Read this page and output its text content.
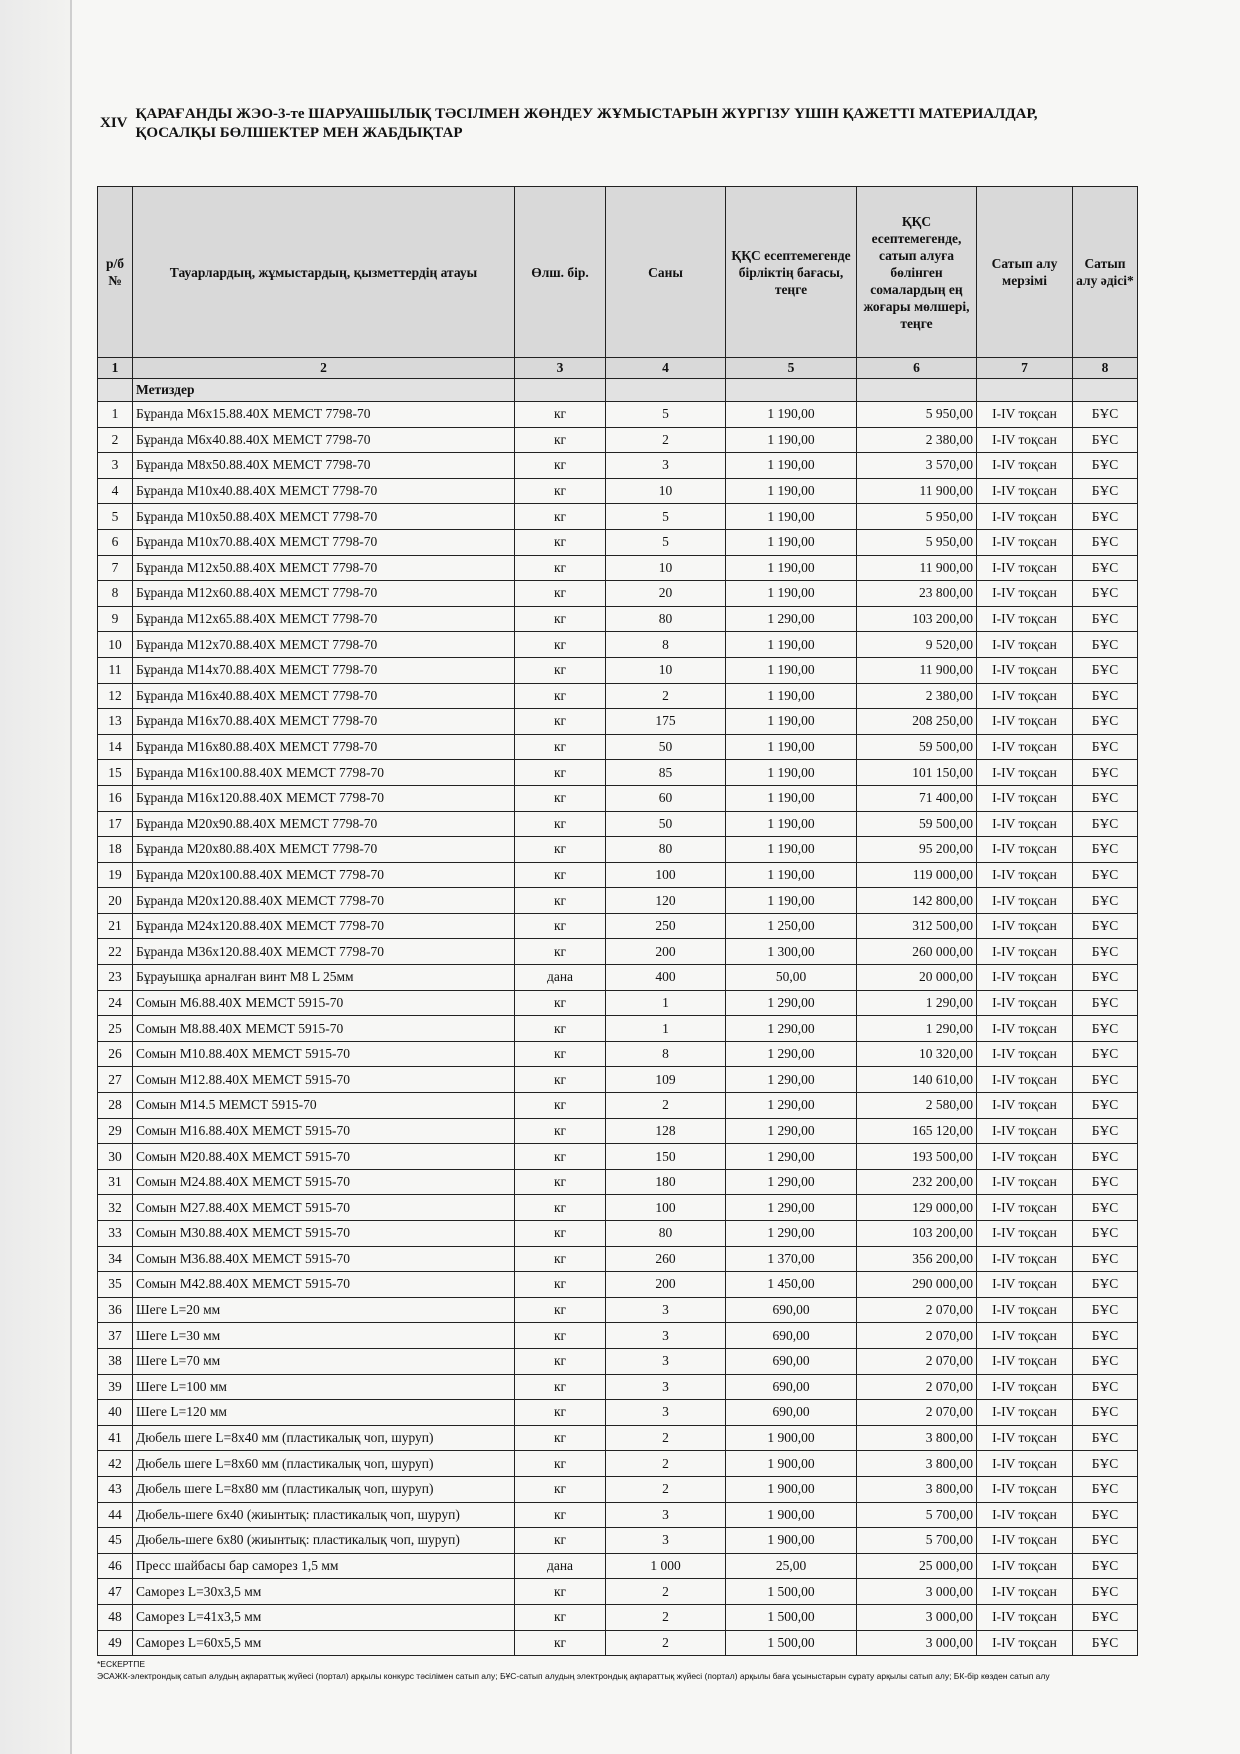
XIV
ҚАРАҒАНДЫ ЖЭО-3-те ШАРУАШЫЛЫҚ ТӘСІЛМЕН ЖӨНДЕУ ЖҰМЫСТАРЫН ЖҮРГІЗУ ҮШІН ҚАЖЕТТІ МАТЕРИАЛДАР,
ҚОСАЛҚЫ БӨЛШЕКТЕР МЕН ЖАБДЫҚТАР
р/б №	Тауарлардың, жұмыстардың, қызметтердің атауы	Өлш. бір.	Саны	ҚҚС есептемегенде бірліктің бағасы, теңге	ҚҚС есептемегенде, сатып алуға бөлінген сомалардың ең жоғары мөлшері, теңге	Сатып алу мерзімі	Сатып алу әдісі*
1	2	3	4	5	6	7	8
	Метиздер						
1	Бұранда М6х15.88.40Х МЕМСТ 7798-70	кг	5	1 190,00	5 950,00	I-IV тоқсан	БҰС
2	Бұранда М6х40.88.40Х МЕМСТ 7798-70	кг	2	1 190,00	2 380,00	I-IV тоқсан	БҰС
3	Бұранда М8х50.88.40Х МЕМСТ 7798-70	кг	3	1 190,00	3 570,00	I-IV тоқсан	БҰС
4	Бұранда М10х40.88.40Х МЕМСТ 7798-70	кг	10	1 190,00	11 900,00	I-IV тоқсан	БҰС
5	Бұранда М10х50.88.40Х МЕМСТ 7798-70	кг	5	1 190,00	5 950,00	I-IV тоқсан	БҰС
6	Бұранда М10х70.88.40Х МЕМСТ 7798-70	кг	5	1 190,00	5 950,00	I-IV тоқсан	БҰС
7	Бұранда М12х50.88.40Х МЕМСТ 7798-70	кг	10	1 190,00	11 900,00	I-IV тоқсан	БҰС
8	Бұранда М12х60.88.40Х МЕМСТ 7798-70	кг	20	1 190,00	23 800,00	I-IV тоқсан	БҰС
9	Бұранда М12х65.88.40Х МЕМСТ 7798-70	кг	80	1 290,00	103 200,00	I-IV тоқсан	БҰС
10	Бұранда М12х70.88.40Х МЕМСТ 7798-70	кг	8	1 190,00	9 520,00	I-IV тоқсан	БҰС
11	Бұранда М14х70.88.40Х МЕМСТ 7798-70	кг	10	1 190,00	11 900,00	I-IV тоқсан	БҰС
12	Бұранда М16х40.88.40Х МЕМСТ 7798-70	кг	2	1 190,00	2 380,00	I-IV тоқсан	БҰС
13	Бұранда М16х70.88.40Х МЕМСТ 7798-70	кг	175	1 190,00	208 250,00	I-IV тоқсан	БҰС
14	Бұранда М16х80.88.40Х МЕМСТ 7798-70	кг	50	1 190,00	59 500,00	I-IV тоқсан	БҰС
15	Бұранда М16х100.88.40Х МЕМСТ 7798-70	кг	85	1 190,00	101 150,00	I-IV тоқсан	БҰС
16	Бұранда М16х120.88.40Х МЕМСТ 7798-70	кг	60	1 190,00	71 400,00	I-IV тоқсан	БҰС
17	Бұранда М20х90.88.40Х МЕМСТ 7798-70	кг	50	1 190,00	59 500,00	I-IV тоқсан	БҰС
18	Бұранда М20х80.88.40Х МЕМСТ 7798-70	кг	80	1 190,00	95 200,00	I-IV тоқсан	БҰС
19	Бұранда М20х100.88.40Х МЕМСТ 7798-70	кг	100	1 190,00	119 000,00	I-IV тоқсан	БҰС
20	Бұранда М20х120.88.40Х МЕМСТ 7798-70	кг	120	1 190,00	142 800,00	I-IV тоқсан	БҰС
21	Бұранда М24х120.88.40Х МЕМСТ 7798-70	кг	250	1 250,00	312 500,00	I-IV тоқсан	БҰС
22	Бұранда М36х120.88.40Х МЕМСТ 7798-70	кг	200	1 300,00	260 000,00	I-IV тоқсан	БҰС
23	Бұрауышқа арналған винт М8 L 25мм	дана	400	50,00	20 000,00	I-IV тоқсан	БҰС
24	Сомын М6.88.40Х МЕМСТ 5915-70	кг	1	1 290,00	1 290,00	I-IV тоқсан	БҰС
25	Сомын М8.88.40Х МЕМСТ 5915-70	кг	1	1 290,00	1 290,00	I-IV тоқсан	БҰС
26	Сомын М10.88.40Х МЕМСТ 5915-70	кг	8	1 290,00	10 320,00	I-IV тоқсан	БҰС
27	Сомын М12.88.40Х МЕМСТ 5915-70	кг	109	1 290,00	140 610,00	I-IV тоқсан	БҰС
28	Сомын М14.5 МЕМСТ 5915-70	кг	2	1 290,00	2 580,00	I-IV тоқсан	БҰС
29	Сомын М16.88.40Х МЕМСТ 5915-70	кг	128	1 290,00	165 120,00	I-IV тоқсан	БҰС
30	Сомын М20.88.40Х МЕМСТ 5915-70	кг	150	1 290,00	193 500,00	I-IV тоқсан	БҰС
31	Сомын М24.88.40Х МЕМСТ 5915-70	кг	180	1 290,00	232 200,00	I-IV тоқсан	БҰС
32	Сомын М27.88.40Х МЕМСТ 5915-70	кг	100	1 290,00	129 000,00	I-IV тоқсан	БҰС
33	Сомын М30.88.40Х МЕМСТ 5915-70	кг	80	1 290,00	103 200,00	I-IV тоқсан	БҰС
34	Сомын М36.88.40Х МЕМСТ 5915-70	кг	260	1 370,00	356 200,00	I-IV тоқсан	БҰС
35	Сомын М42.88.40Х МЕМСТ 5915-70	кг	200	1 450,00	290 000,00	I-IV тоқсан	БҰС
36	Шеге L=20 мм	кг	3	690,00	2 070,00	I-IV тоқсан	БҰС
37	Шеге L=30 мм	кг	3	690,00	2 070,00	I-IV тоқсан	БҰС
38	Шеге L=70 мм	кг	3	690,00	2 070,00	I-IV тоқсан	БҰС
39	Шеге L=100 мм	кг	3	690,00	2 070,00	I-IV тоқсан	БҰС
40	Шеге L=120 мм	кг	3	690,00	2 070,00	I-IV тоқсан	БҰС
41	Дюбель шеге L=8х40 мм (пластикалық чоп, шуруп)	кг	2	1 900,00	3 800,00	I-IV тоқсан	БҰС
42	Дюбель шеге L=8х60 мм (пластикалық чоп, шуруп)	кг	2	1 900,00	3 800,00	I-IV тоқсан	БҰС
43	Дюбель шеге L=8х80 мм (пластикалық чоп, шуруп)	кг	2	1 900,00	3 800,00	I-IV тоқсан	БҰС
44	Дюбель-шеге 6х40 (жиынтық: пластикалық чоп, шуруп)	кг	3	1 900,00	5 700,00	I-IV тоқсан	БҰС
45	Дюбель-шеге 6х80 (жиынтық: пластикалық чоп, шуруп)	кг	3	1 900,00	5 700,00	I-IV тоқсан	БҰС
46	Пресс шайбасы бар саморез 1,5 мм	дана	1 000	25,00	25 000,00	I-IV тоқсан	БҰС
47	Саморез L=30х3,5 мм	кг	2	1 500,00	3 000,00	I-IV тоқсан	БҰС
48	Саморез L=41х3,5 мм	кг	2	1 500,00	3 000,00	I-IV тоқсан	БҰС
49	Саморез L=60х5,5 мм	кг	2	1 500,00	3 000,00	I-IV тоқсан	БҰС
*ЕСКЕРТПЕ
ЭСАЖК-электрондық сатып алудың ақпараттық жүйесі (портал) арқылы конкурс тәсілімен сатып алу; БҰС-сатып алудың электрондық ақпараттық жүйесі (портал) арқылы баға ұсыныстарын сұрату арқылы сатып алу; БК-бір көзден сатып алу
